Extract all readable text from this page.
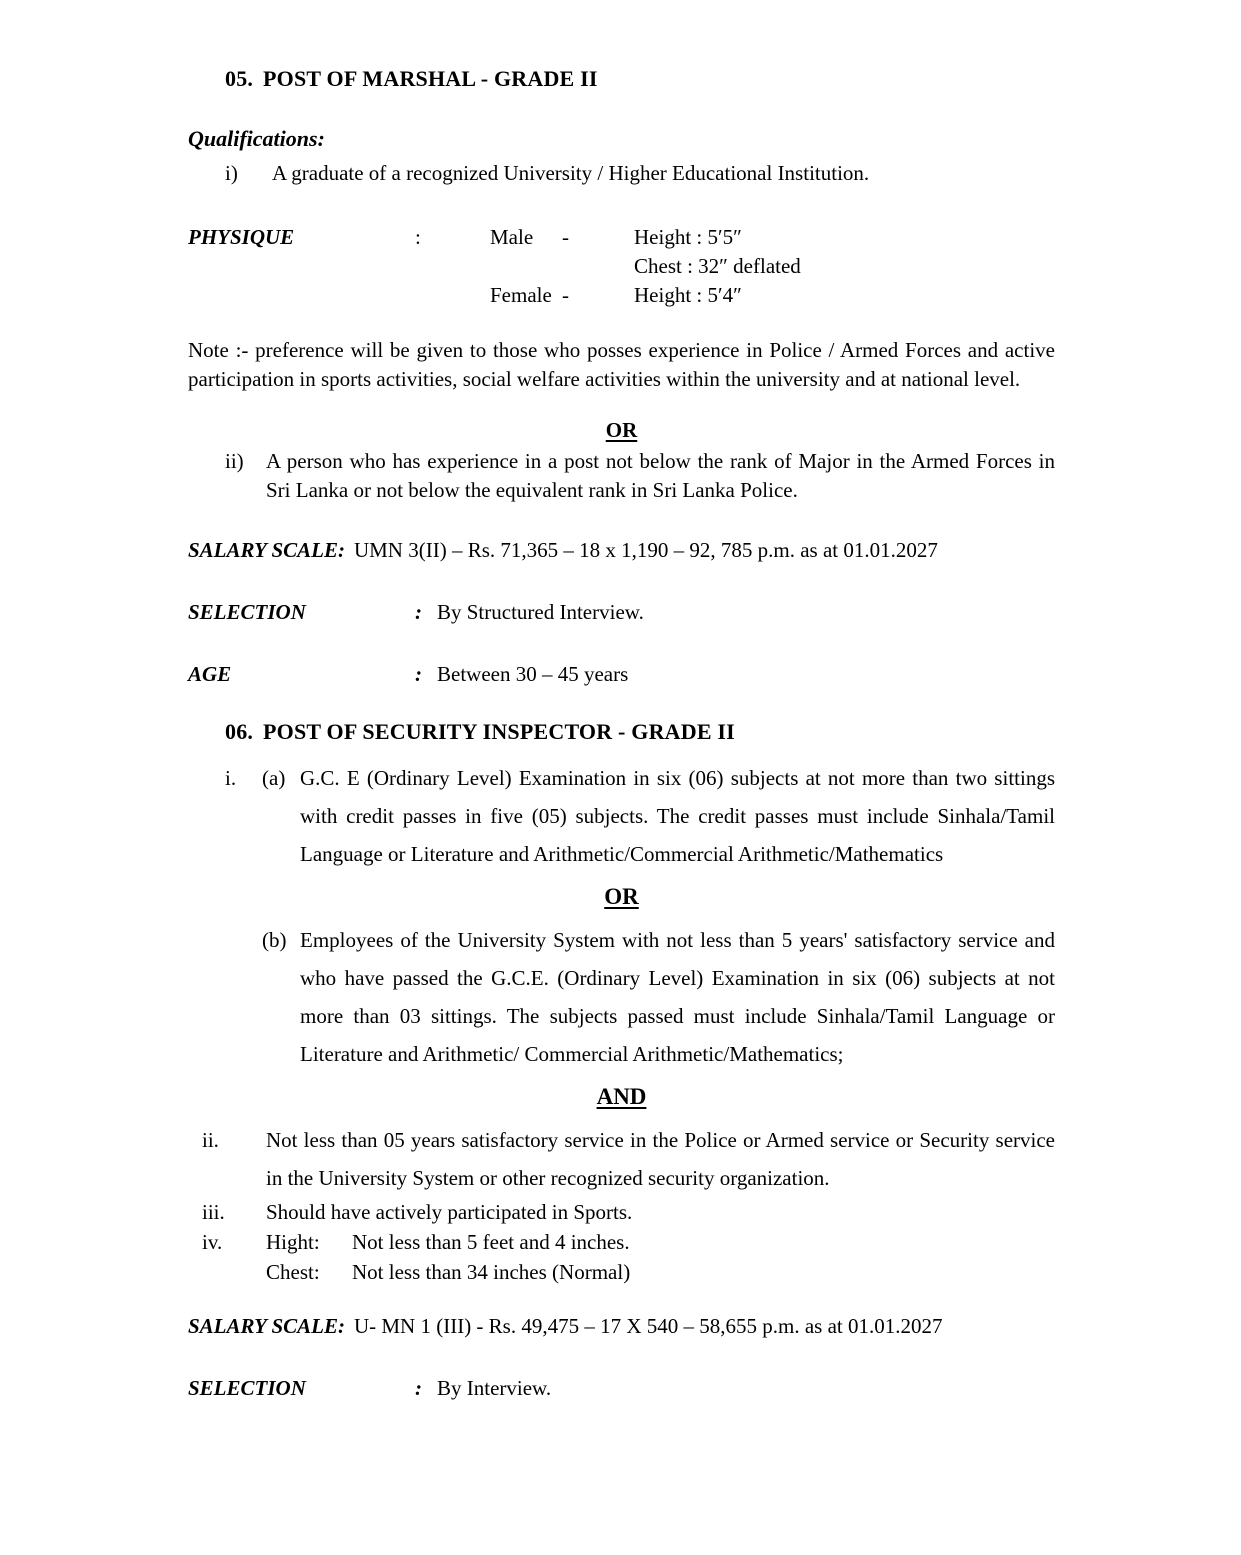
05. POST OF MARSHAL - GRADE II
Qualifications:
i)	A graduate of a recognized University / Higher Educational Institution.
PHYSIQUE	:	Male	-	Height : 5′5″
Chest : 32″ deflated
Female -	Height : 5′4″

Note :- preference will be given to those who posses experience in Police / Armed Forces and active participation in sports activities, social welfare activities within the university and at national level.

OR
ii)	A person who has experience in a post not below the rank of Major in the Armed Forces in Sri Lanka or not below the equivalent rank in Sri Lanka Police.
SALARY SCALE: UMN 3(II) – Rs. 71,365 – 18 x 1,190 – 92, 785 p.m. as at 01.01.2027
SELECTION	: By Structured Interview.
AGE	: Between 30 – 45 years
06. POST OF SECURITY INSPECTOR - GRADE II
i.	(a) G.C. E (Ordinary Level) Examination in six (06) subjects at not more than two sittings with credit passes in five (05) subjects. The credit passes must include Sinhala/Tamil Language or Literature and Arithmetic/Commercial Arithmetic/Mathematics
OR
(b) Employees of the University System with not less than 5 years' satisfactory service and who have passed the G.C.E. (Ordinary Level) Examination in six (06) subjects at not more than 03 sittings. The subjects passed must include Sinhala/Tamil Language or Literature and Arithmetic/ Commercial Arithmetic/Mathematics;
AND
ii.	Not less than 05 years satisfactory service in the Police or Armed service or Security service in the University System or other recognized security organization.
iii.	Should have actively participated in Sports.
iv.	Hight: Not less than 5 feet and 4 inches.
Chest: Not less than 34 inches (Normal)
SALARY SCALE: U- MN 1 (III) - Rs. 49,475 – 17 X 540 – 58,655 p.m. as at 01.01.2027
SELECTION	: By Interview.
